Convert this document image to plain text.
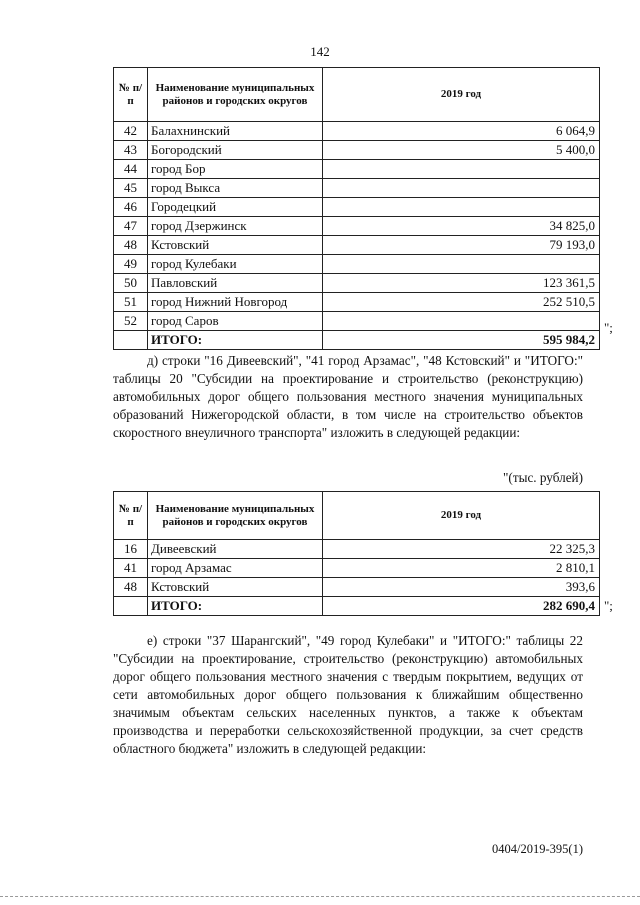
142
№ п/п	Наименование муниципальных районов и городских округов	2019 год
42	Балахнинский	6 064,9
43	Богородский	5 400,0
44	город Бор	
45	город Выкса	
46	Городецкий	
47	город Дзержинск	34 825,0
48	Кстовский	79 193,0
49	город Кулебаки	
50	Павловский	123 361,5
51	город Нижний Новгород	252 510,5
52	город Саров	
	ИТОГО:	595 984,2
";

д) строки "16 Дивеевский", "41 город Арзамас", "48 Кстовский" и "ИТОГО:" таблицы 20 "Субсидии на проектирование и строительство (реконструкцию) автомобильных дорог общего пользования местного значения муниципальных образований Нижегородской области, в том числе на строительство объектов скоростного внеуличного транспорта" изложить в следующей редакции:

"(тыс. рублей)
№ п/п	Наименование муниципальных районов и городских округов	2019 год
16	Дивеевский	22 325,3
41	город Арзамас	2 810,1
48	Кстовский	393,6
	ИТОГО:	282 690,4 ";

е) строки "37 Шарангский", "49 город Кулебаки" и "ИТОГО:" таблицы 22 "Субсидии на проектирование, строительство (реконструкцию) автомобильных дорог общего пользования местного значения с твердым покрытием, ведущих от сети автомобильных дорог общего пользования к ближайшим общественно значимым объектам сельских населенных пунктов, а также к объектам производства и переработки сельскохозяйственной продукции, за счет средств областного бюджета" изложить в следующей редакции:

0404/2019-395(1)
